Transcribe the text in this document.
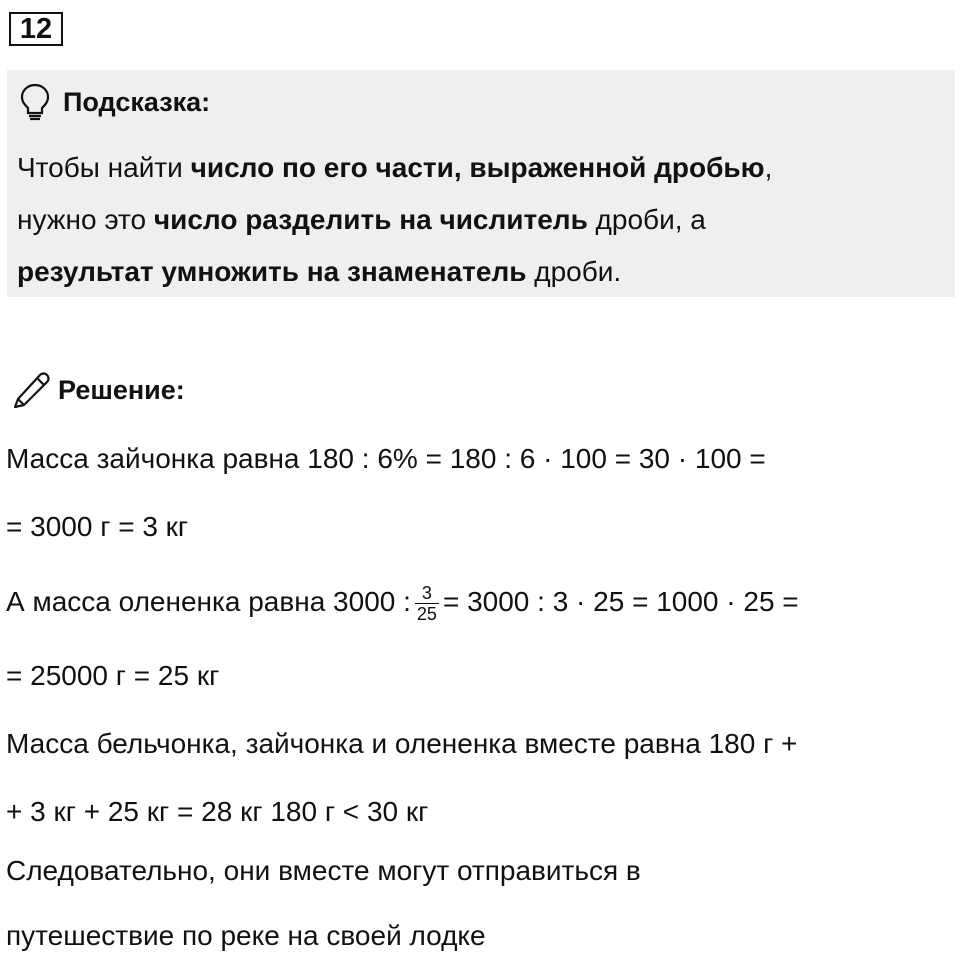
12
Подсказка:
Чтобы найти число по его части, выраженной дробью,
нужно это число разделить на числитель дроби, а
результат умножить на знаменатель дроби.
Решение:
Масса зайчонка равна 180 : 6% = 180 : 6 · 100 = 30 · 100 =
= 3000 г = 3 кг
А масса олененка равна 3000 : $\frac{3}{25} = 3000$ : 3 · 25 = 1000 · 25 =
= 25000 г = 25 кг
Масса бельчонка, зайчонка и олененка вместе равна 180 г +
+ 3 кг + 25 кг = 28 кг 180 г < 30 кг
Следовательно, они вместе могут отправиться в
путешествие по реке на своей лодке
